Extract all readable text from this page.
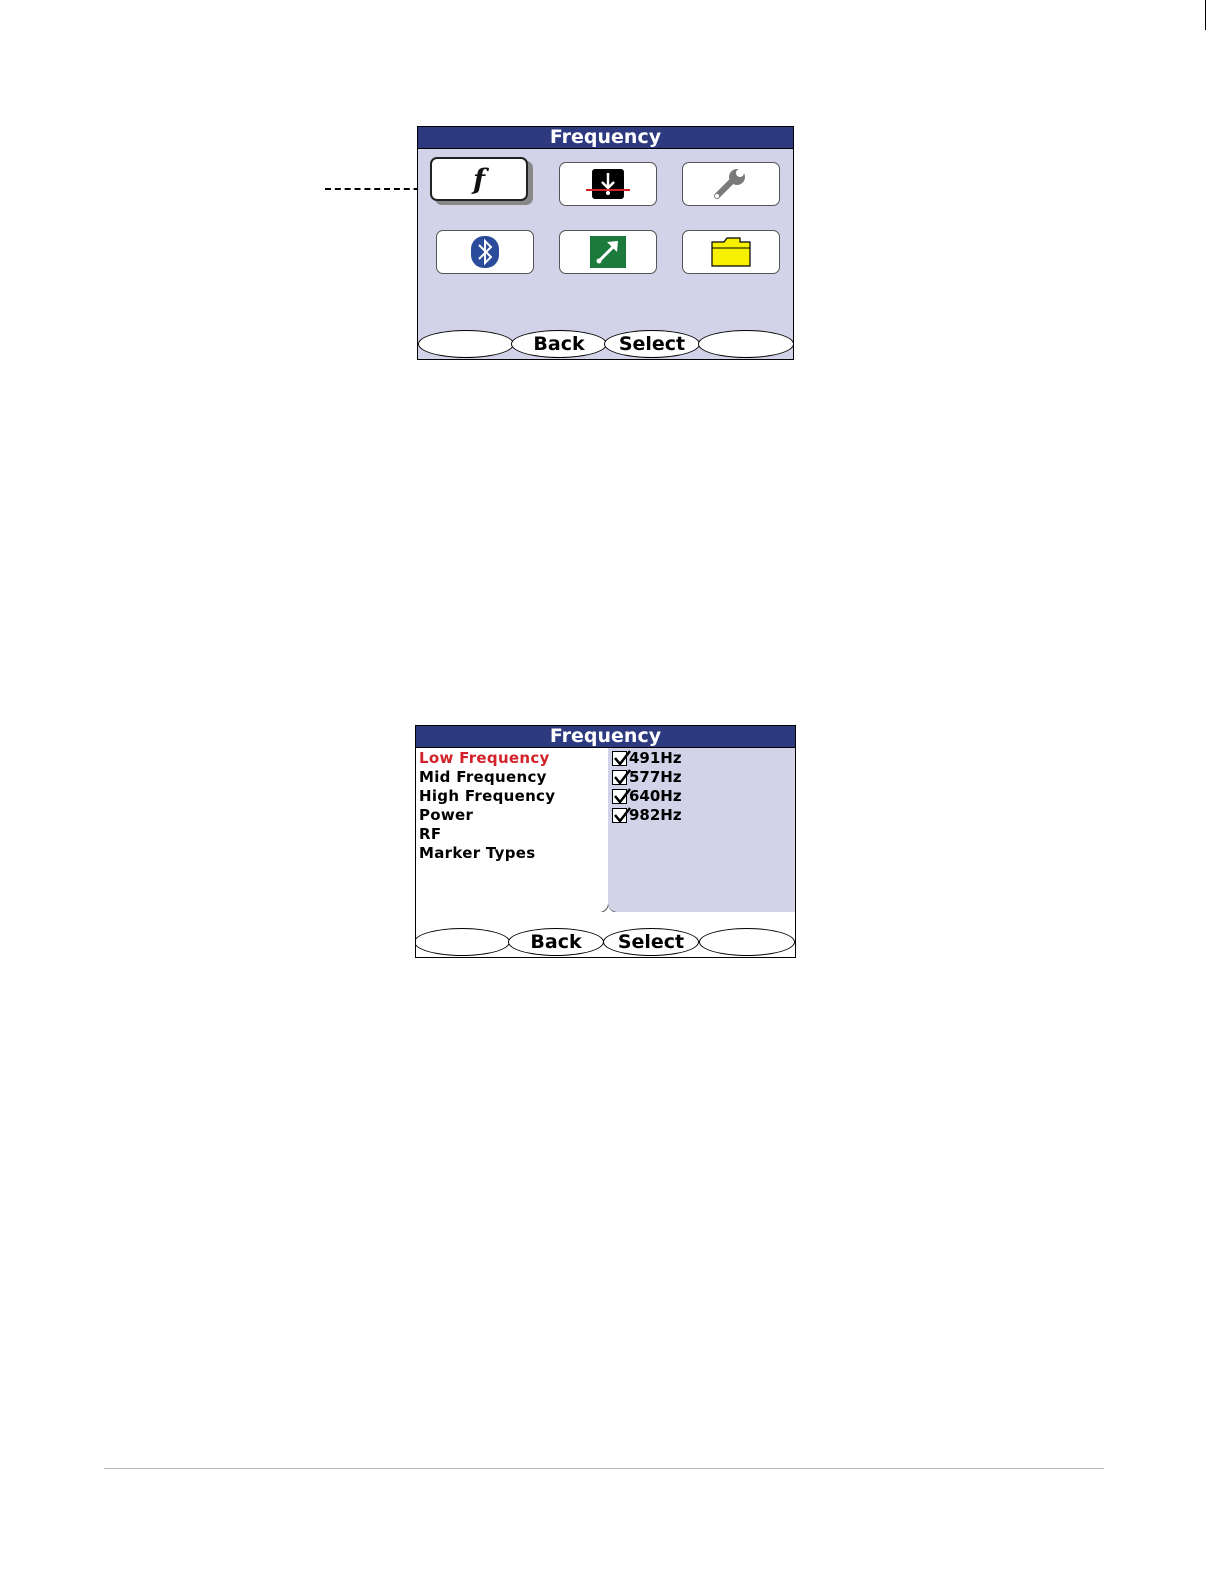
Frequency
f
Back	Select
Frequency
Low Frequency
Mid Frequency
High Frequency
Power
RF
Marker Types
491Hz
577Hz
640Hz
982Hz
Back	Select
